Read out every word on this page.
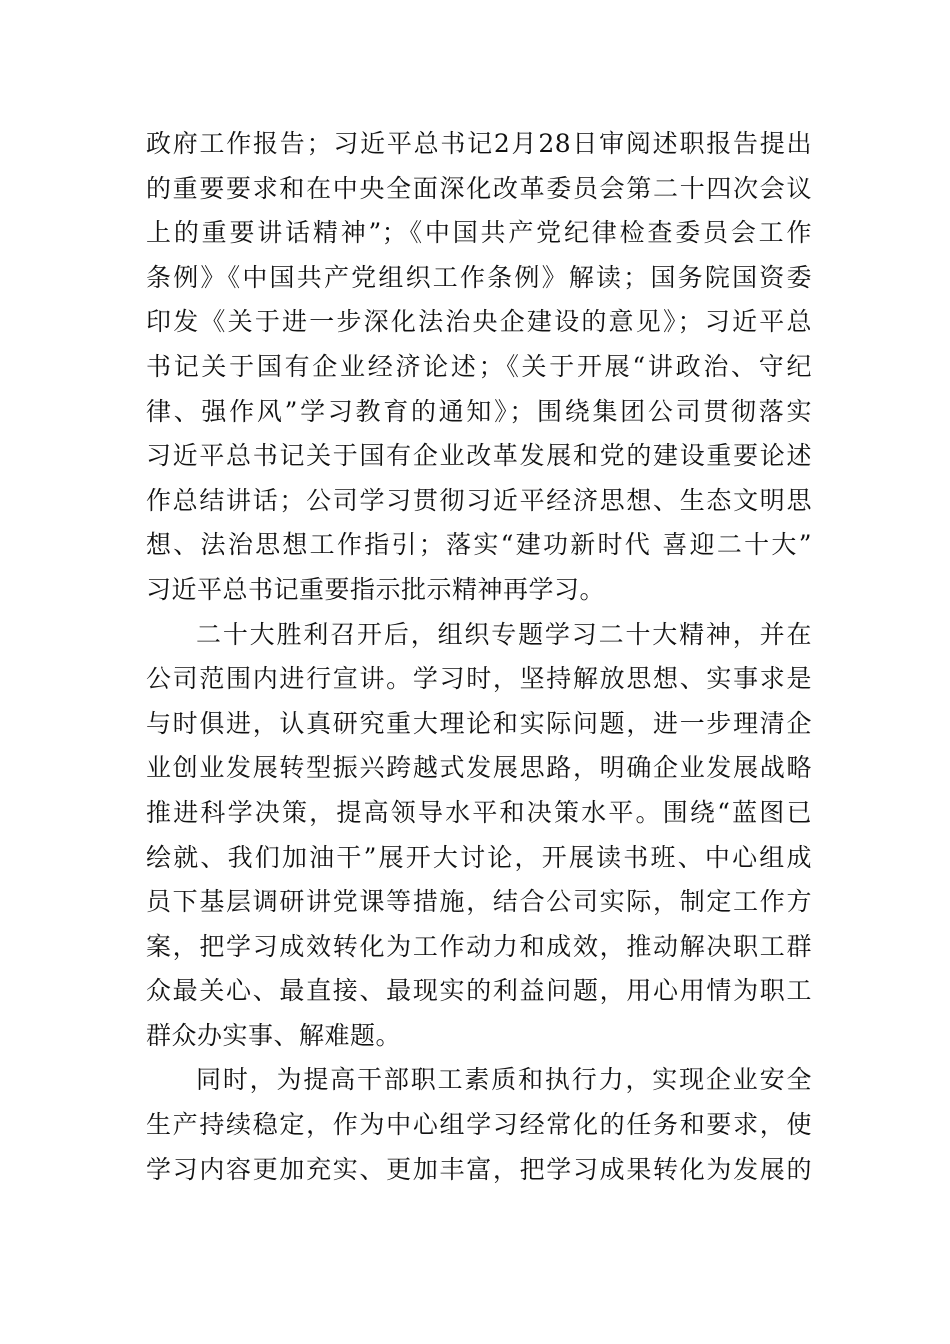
政府工作报告；习近平总书记2月28日审阅述职报告提出
的重要要求和在中央全面深化改革委员会第二十四次会议
上的重要讲话精神”；《中国共产党纪律检查委员会工作
条例》《中国共产党组织工作条例》解读；国务院国资委
印发《关于进一步深化法治央企建设的意见》；习近平总
书记关于国有企业经济论述；《关于开展“讲政治、守纪
律、强作风”学习教育的通知》；围绕集团公司贯彻落实
习近平总书记关于国有企业改革发展和党的建设重要论述
作总结讲话；公司学习贯彻习近平经济思想、生态文明思
想、法治思想工作指引；落实“建功新时代 喜迎二十大”
习近平总书记重要指示批示精神再学习。
二十大胜利召开后，组织专题学习二十大精神，并在
公司范围内进行宣讲。学习时，坚持解放思想、实事求是
与时俱进，认真研究重大理论和实际问题，进一步理清企
业创业发展转型振兴跨越式发展思路，明确企业发展战略
推进科学决策，提高领导水平和决策水平。围绕“蓝图已
绘就、我们加油干”展开大讨论，开展读书班、中心组成
员下基层调研讲党课等措施，结合公司实际，制定工作方
案，把学习成效转化为工作动力和成效，推动解决职工群
众最关心、最直接、最现实的利益问题，用心用情为职工
群众办实事、解难题。
同时，为提高干部职工素质和执行力，实现企业安全
生产持续稳定，作为中心组学习经常化的任务和要求，使
学习内容更加充实、更加丰富，把学习成果转化为发展的
